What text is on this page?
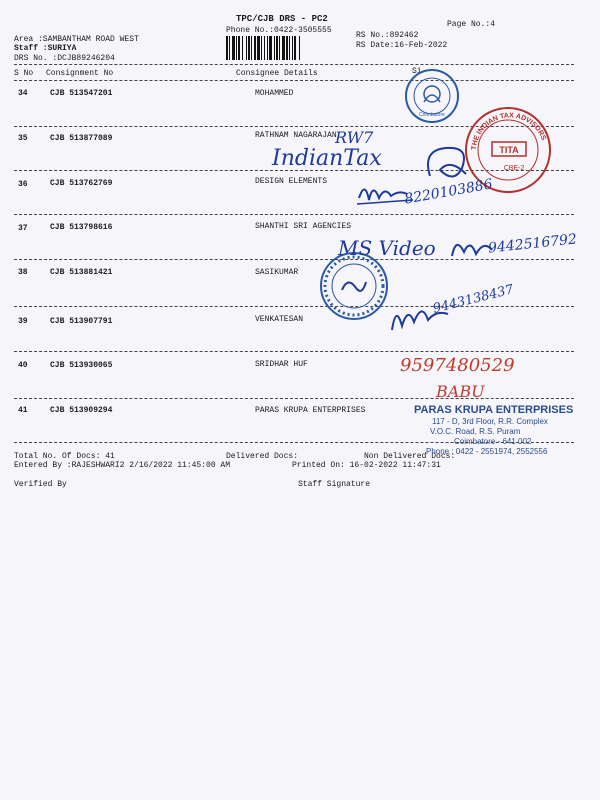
TPC/CJB DRS - PC2
Phone No.:0422-3505555
Page No.:4
RS No.:892462
RS Date:16-Feb-2022
Area :SAMBANTHAM ROAD WEST
Staff :SURIYA
DRS No. :DCJB89246204
S No Consignment No	Consignee Details	Si
34	CJB 513547201	MOHAMMED
35	CJB 513877089	RATHNAM NAGARAJAN
36	CJB 513762769	DESIGN ELEMENTS
37	CJB 513798616	SHANTHI SRI AGENCIES
38	CJB 513881421	SASIKUMAR
39	CJB 513907791	VENKATESAN
40	CJB 513930065	SRIDHAR HUF
41	CJB 513909294	PARAS KRUPA ENTERPRISES
Total No. Of Docs: 41	Delivered Docs:	Non Delivered Docs:
Entered By :RAJESHWARI2 2/16/2022 11:45:00 AM	Printed On: 16-02-2022 11:47:31
Verified By	Staff Signature
Coimbatore
THE INDIAN TAX ADVISORS
TITA
CBE-2
RW7
IndianTax
8220103886
MS Video	9442516792
9443138437
9597480529
BABU
PARAS KRUPA ENTERPRISES
117 - D, 3rd Floor, R.R. Complex
V.O.C. Road, R.S. Puram
Coimbatore - 641 002
Phone : 0422 - 2551974, 2552556
